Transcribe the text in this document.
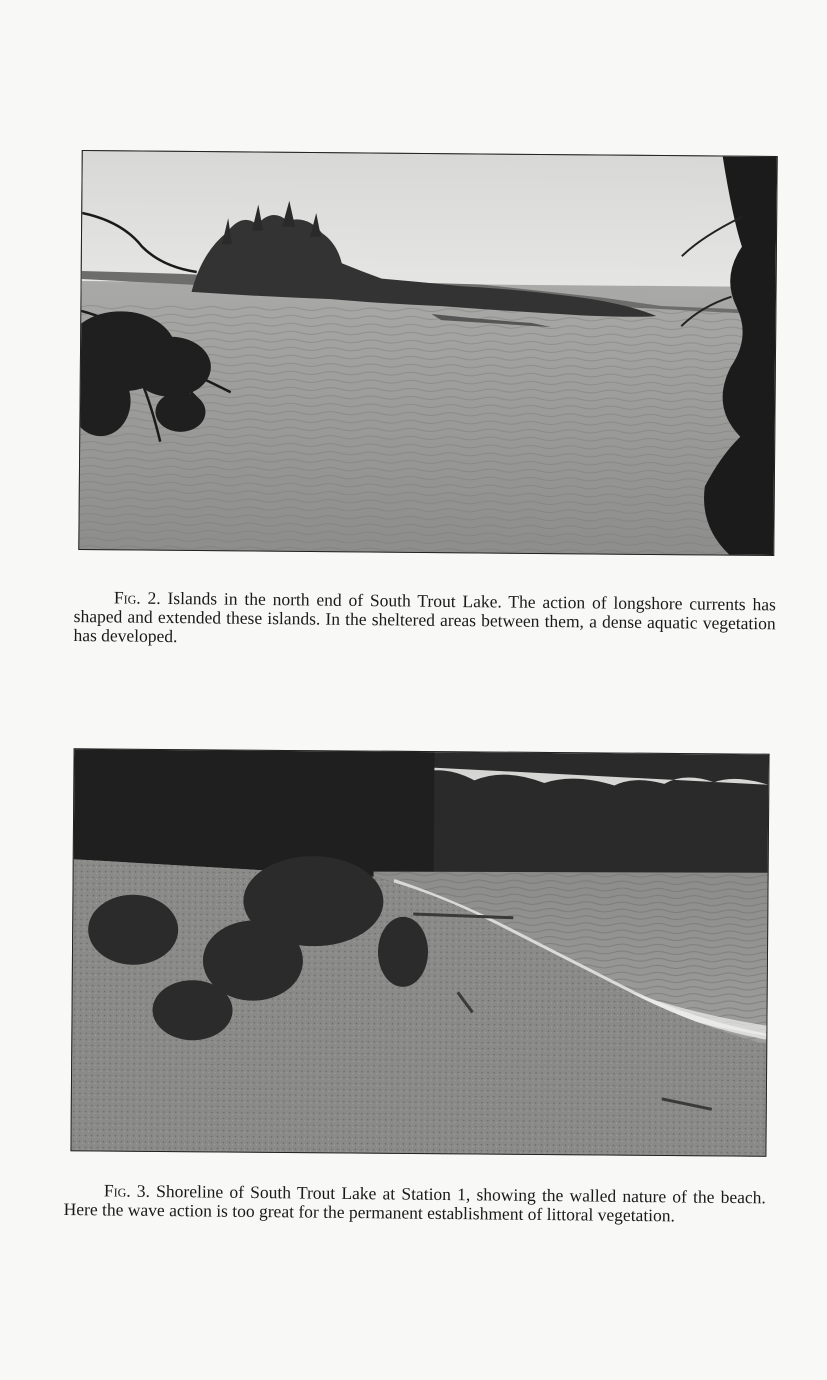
Fig. 2. Islands in the north end of South Trout Lake. The action of longshore currents has shaped and extended these islands. In the sheltered areas between them, a dense aquatic vegetation has developed.

Fig. 3. Shoreline of South Trout Lake at Station 1, showing the walled nature of the beach. Here the wave action is too great for the permanent establishment of littoral vegetation.
